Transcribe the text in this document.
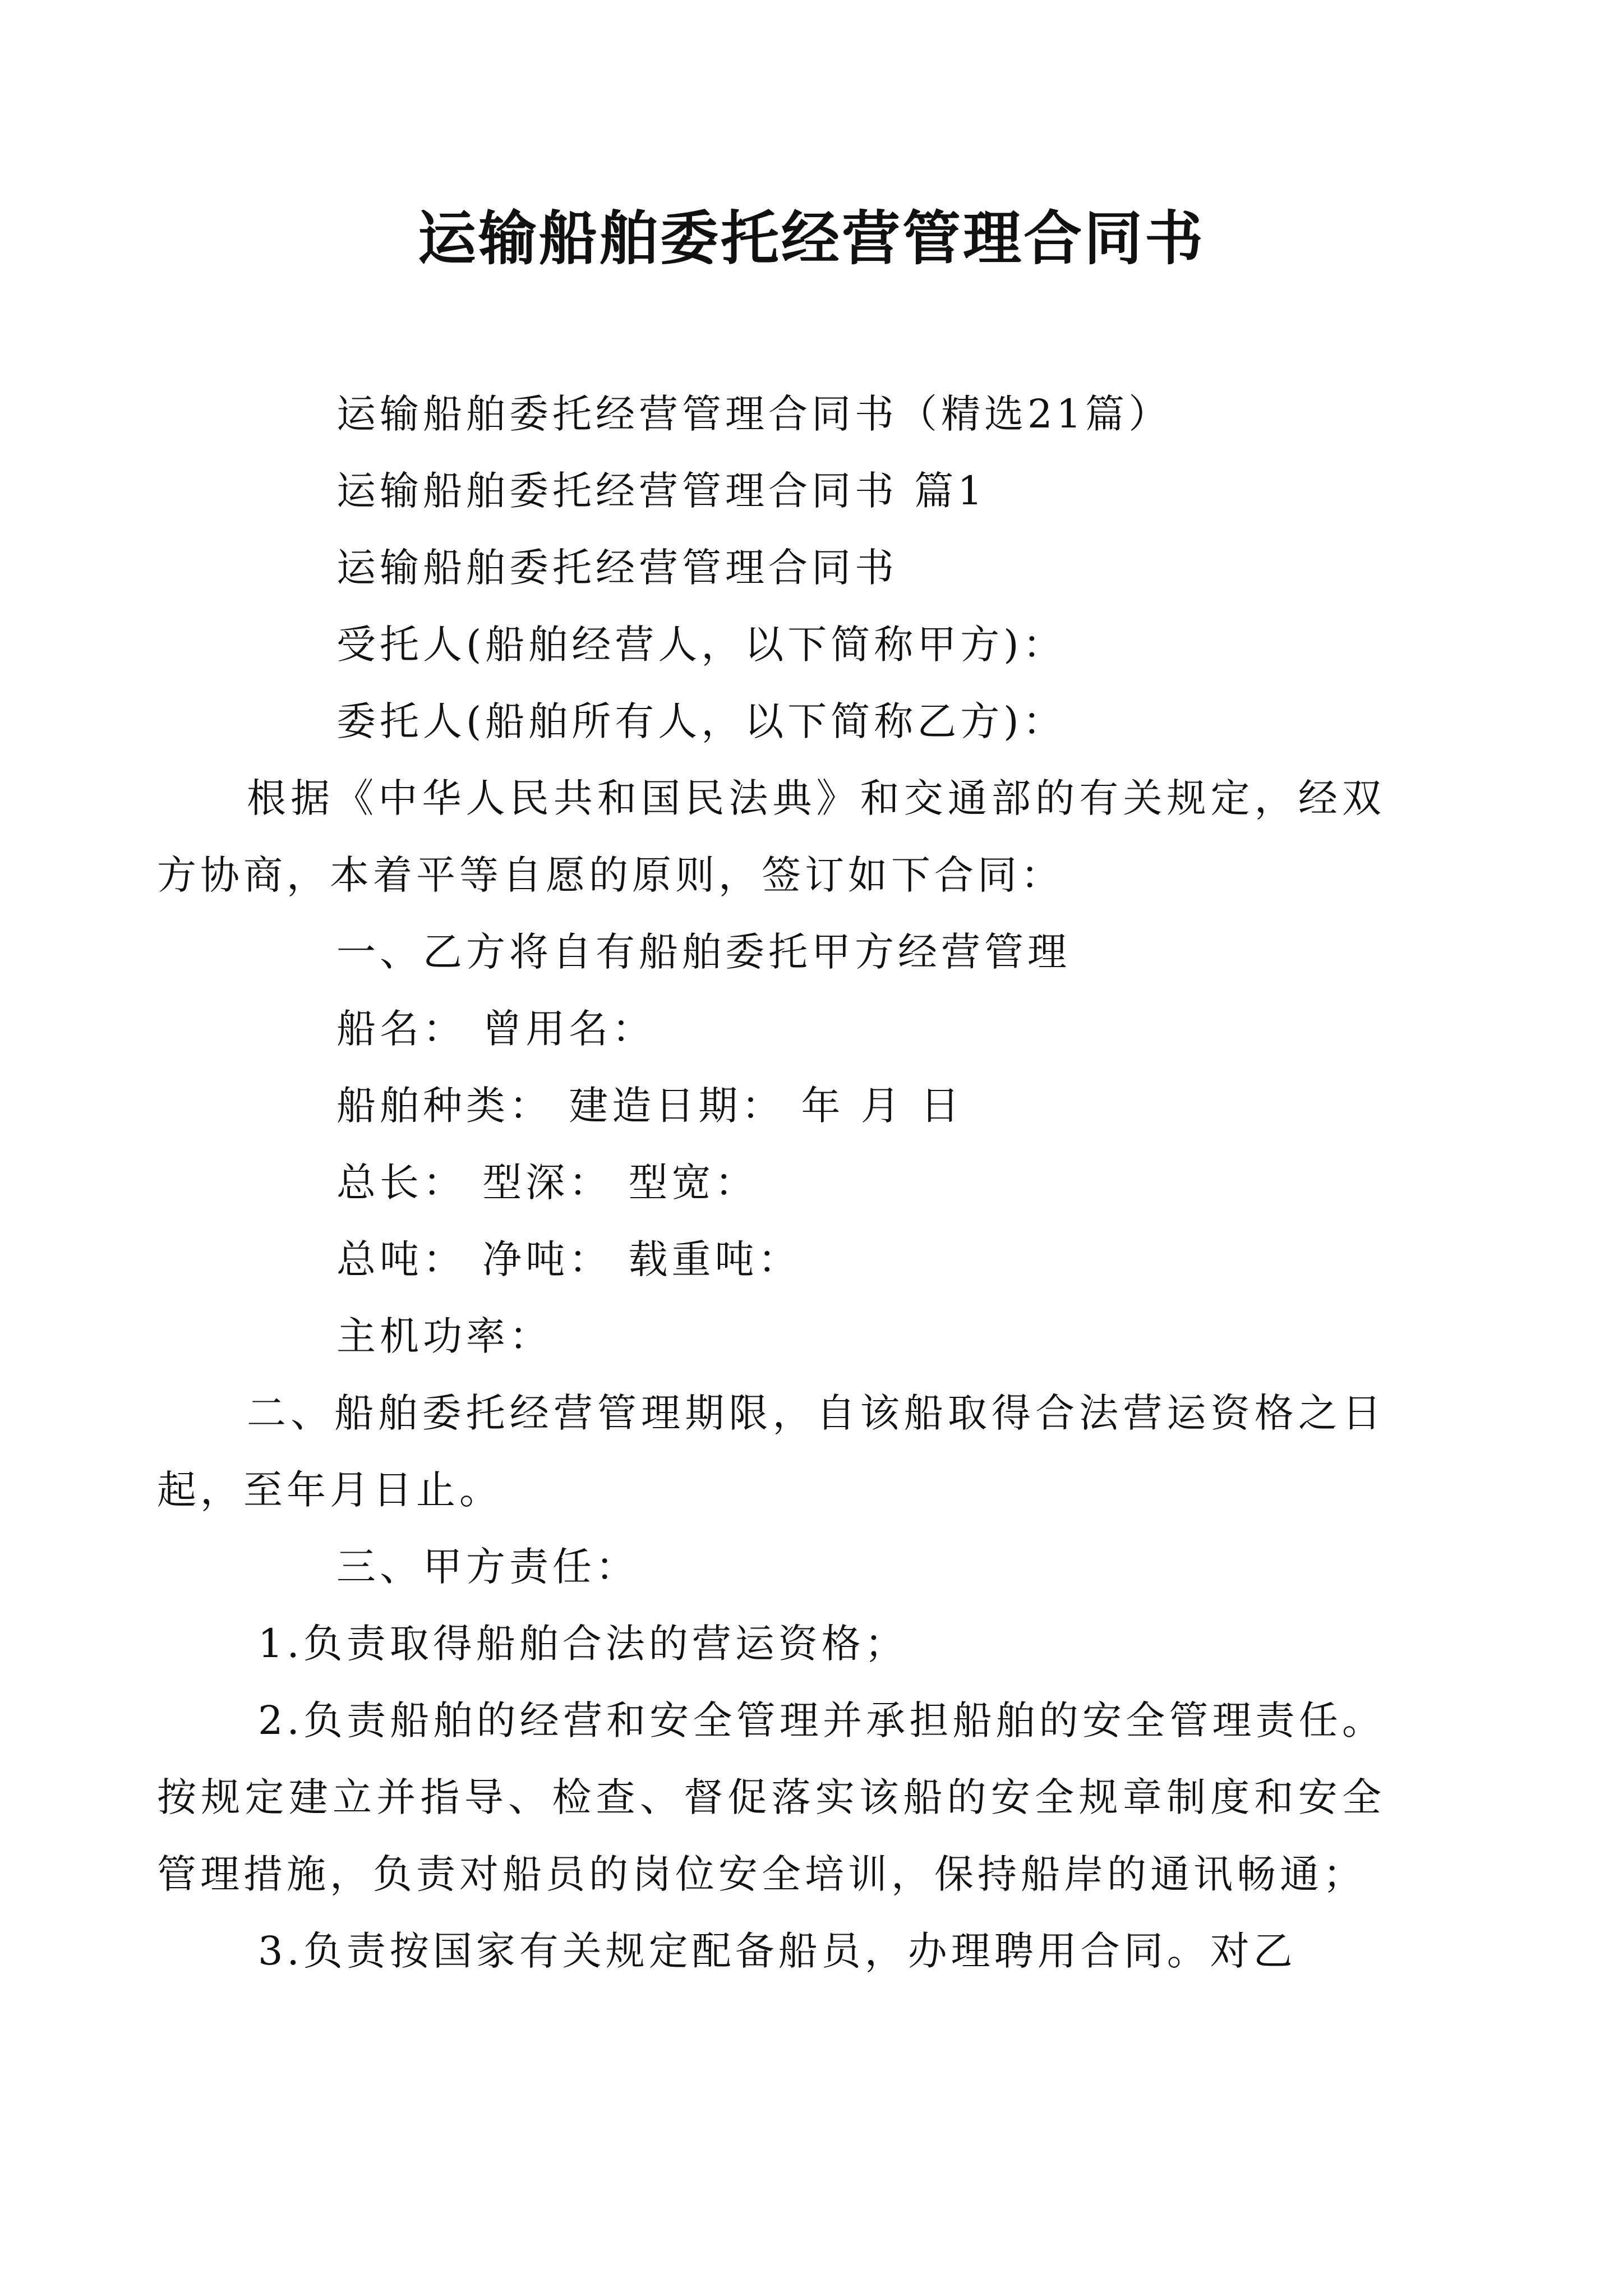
运输船舶委托经营管理合同书

运输船舶委托经营管理合同书（精选21篇）

运输船舶委托经营管理合同书 篇1

运输船舶委托经营管理合同书

受托人(船舶经营人，以下简称甲方)：

委托人(船舶所有人，以下简称乙方)：

根据《中华人民共和国民法典》和交通部的有关规定，经双方协商，本着平等自愿的原则，签订如下合同：

一、乙方将自有船舶委托甲方经营管理

船名： 曾用名：

船舶种类： 建造日期： 年 月 日

总长： 型深： 型宽：

总吨： 净吨： 载重吨：

主机功率：

二、船舶委托经营管理期限，自该船取得合法营运资格之日起，至年月日止。

三、甲方责任：

1.负责取得船舶合法的营运资格；

2.负责船舶的经营和安全管理并承担船舶的安全管理责任。按规定建立并指导、检查、督促落实该船的安全规章制度和安全管理措施，负责对船员的岗位安全培训，保持船岸的通讯畅通；

3.负责按国家有关规定配备船员，办理聘用合同。对乙
